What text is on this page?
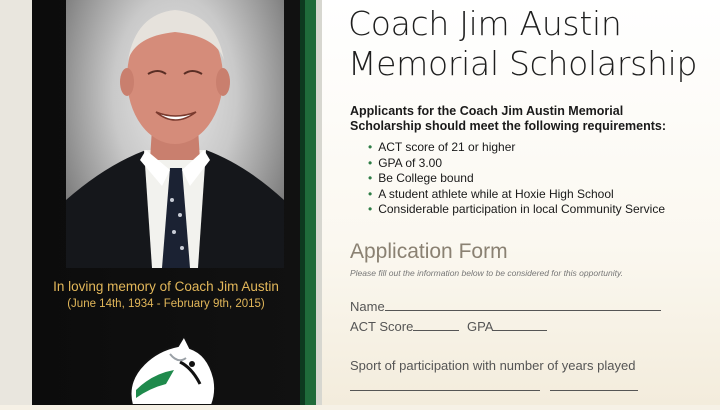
In loving memory of Coach Jim Austin
(June 14th, 1934 - February 9th, 2015)
Coach Jim Austin
Memorial Scholarship
Applicants for the Coach Jim Austin Memorial
Scholarship should meet the following requirements:
• ACT score of 21 or higher
• GPA of 3.00
• Be College bound
• A student athlete while at Hoxie High School
• Considerable participation in local Community Service
Application Form
Please fill out the information below to be considered for this opportunity.
Name
ACT Score	GPA
Sport of participation with number of years played
